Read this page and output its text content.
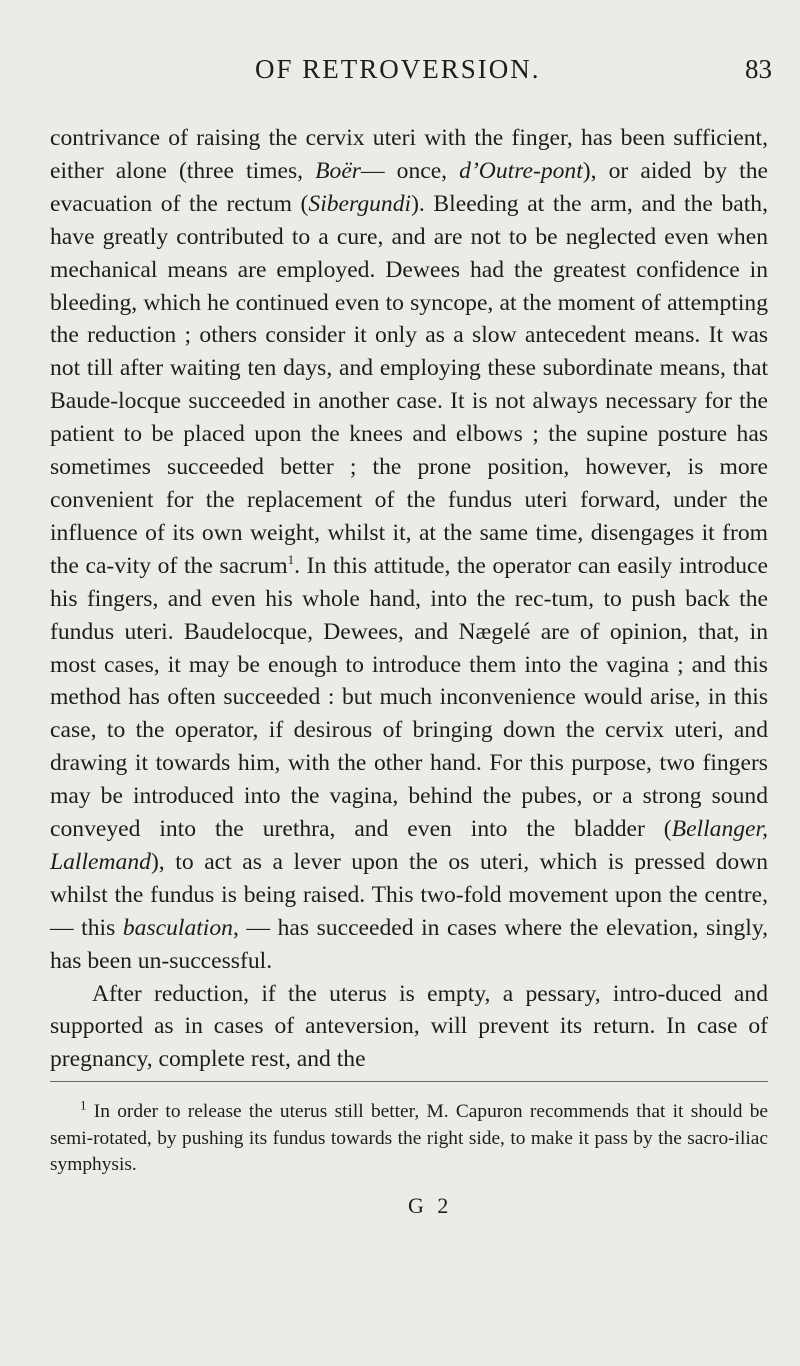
OF RETROVERSION.	83

contrivance of raising the cervix uteri with the finger, has been sufficient, either alone (three times, Boër— once, d’Outre-pont), or aided by the evacuation of the rectum (Sibergundi). Bleeding at the arm, and the bath, have greatly contributed to a cure, and are not to be neglected even when mechanical means are employed. Dewees had the greatest confidence in bleeding, which he continued even to syncope, at the moment of attempting the reduction ; others consider it only as a slow antecedent means. It was not till after waiting ten days, and employing these subordinate means, that Baude-locque succeeded in another case. It is not always necessary for the patient to be placed upon the knees and elbows ; the supine posture has sometimes succeeded better ; the prone position, however, is more convenient for the replacement of the fundus uteri forward, under the influence of its own weight, whilst it, at the same time, disengages it from the ca-vity of the sacrum$^1$. In this attitude, the operator can easily introduce his fingers, and even his whole hand, into the rec-tum, to push back the fundus uteri. Baudelocque, Dewees, and Nægelé are of opinion, that, in most cases, it may be enough to introduce them into the vagina ; and this method has often succeeded : but much inconvenience would arise, in this case, to the operator, if desirous of bringing down the cervix uteri, and drawing it towards him, with the other hand. For this purpose, two fingers may be introduced into the vagina, behind the pubes, or a strong sound conveyed into the urethra, and even into the bladder (Bellanger, Lallemand), to act as a lever upon the os uteri, which is pressed down whilst the fundus is being raised. This two-fold movement upon the centre, — this basculation, — has succeeded in cases where the elevation, singly, has been un-successful.

After reduction, if the uterus is empty, a pessary, intro-duced and supported as in cases of anteversion, will prevent its return. In case of pregnancy, complete rest, and the

$^1$ In order to release the uterus still better, M. Capuron recommends that it should be semi-rotated, by pushing its fundus towards the right side, to make it pass by the sacro-iliac symphysis.

G 2
